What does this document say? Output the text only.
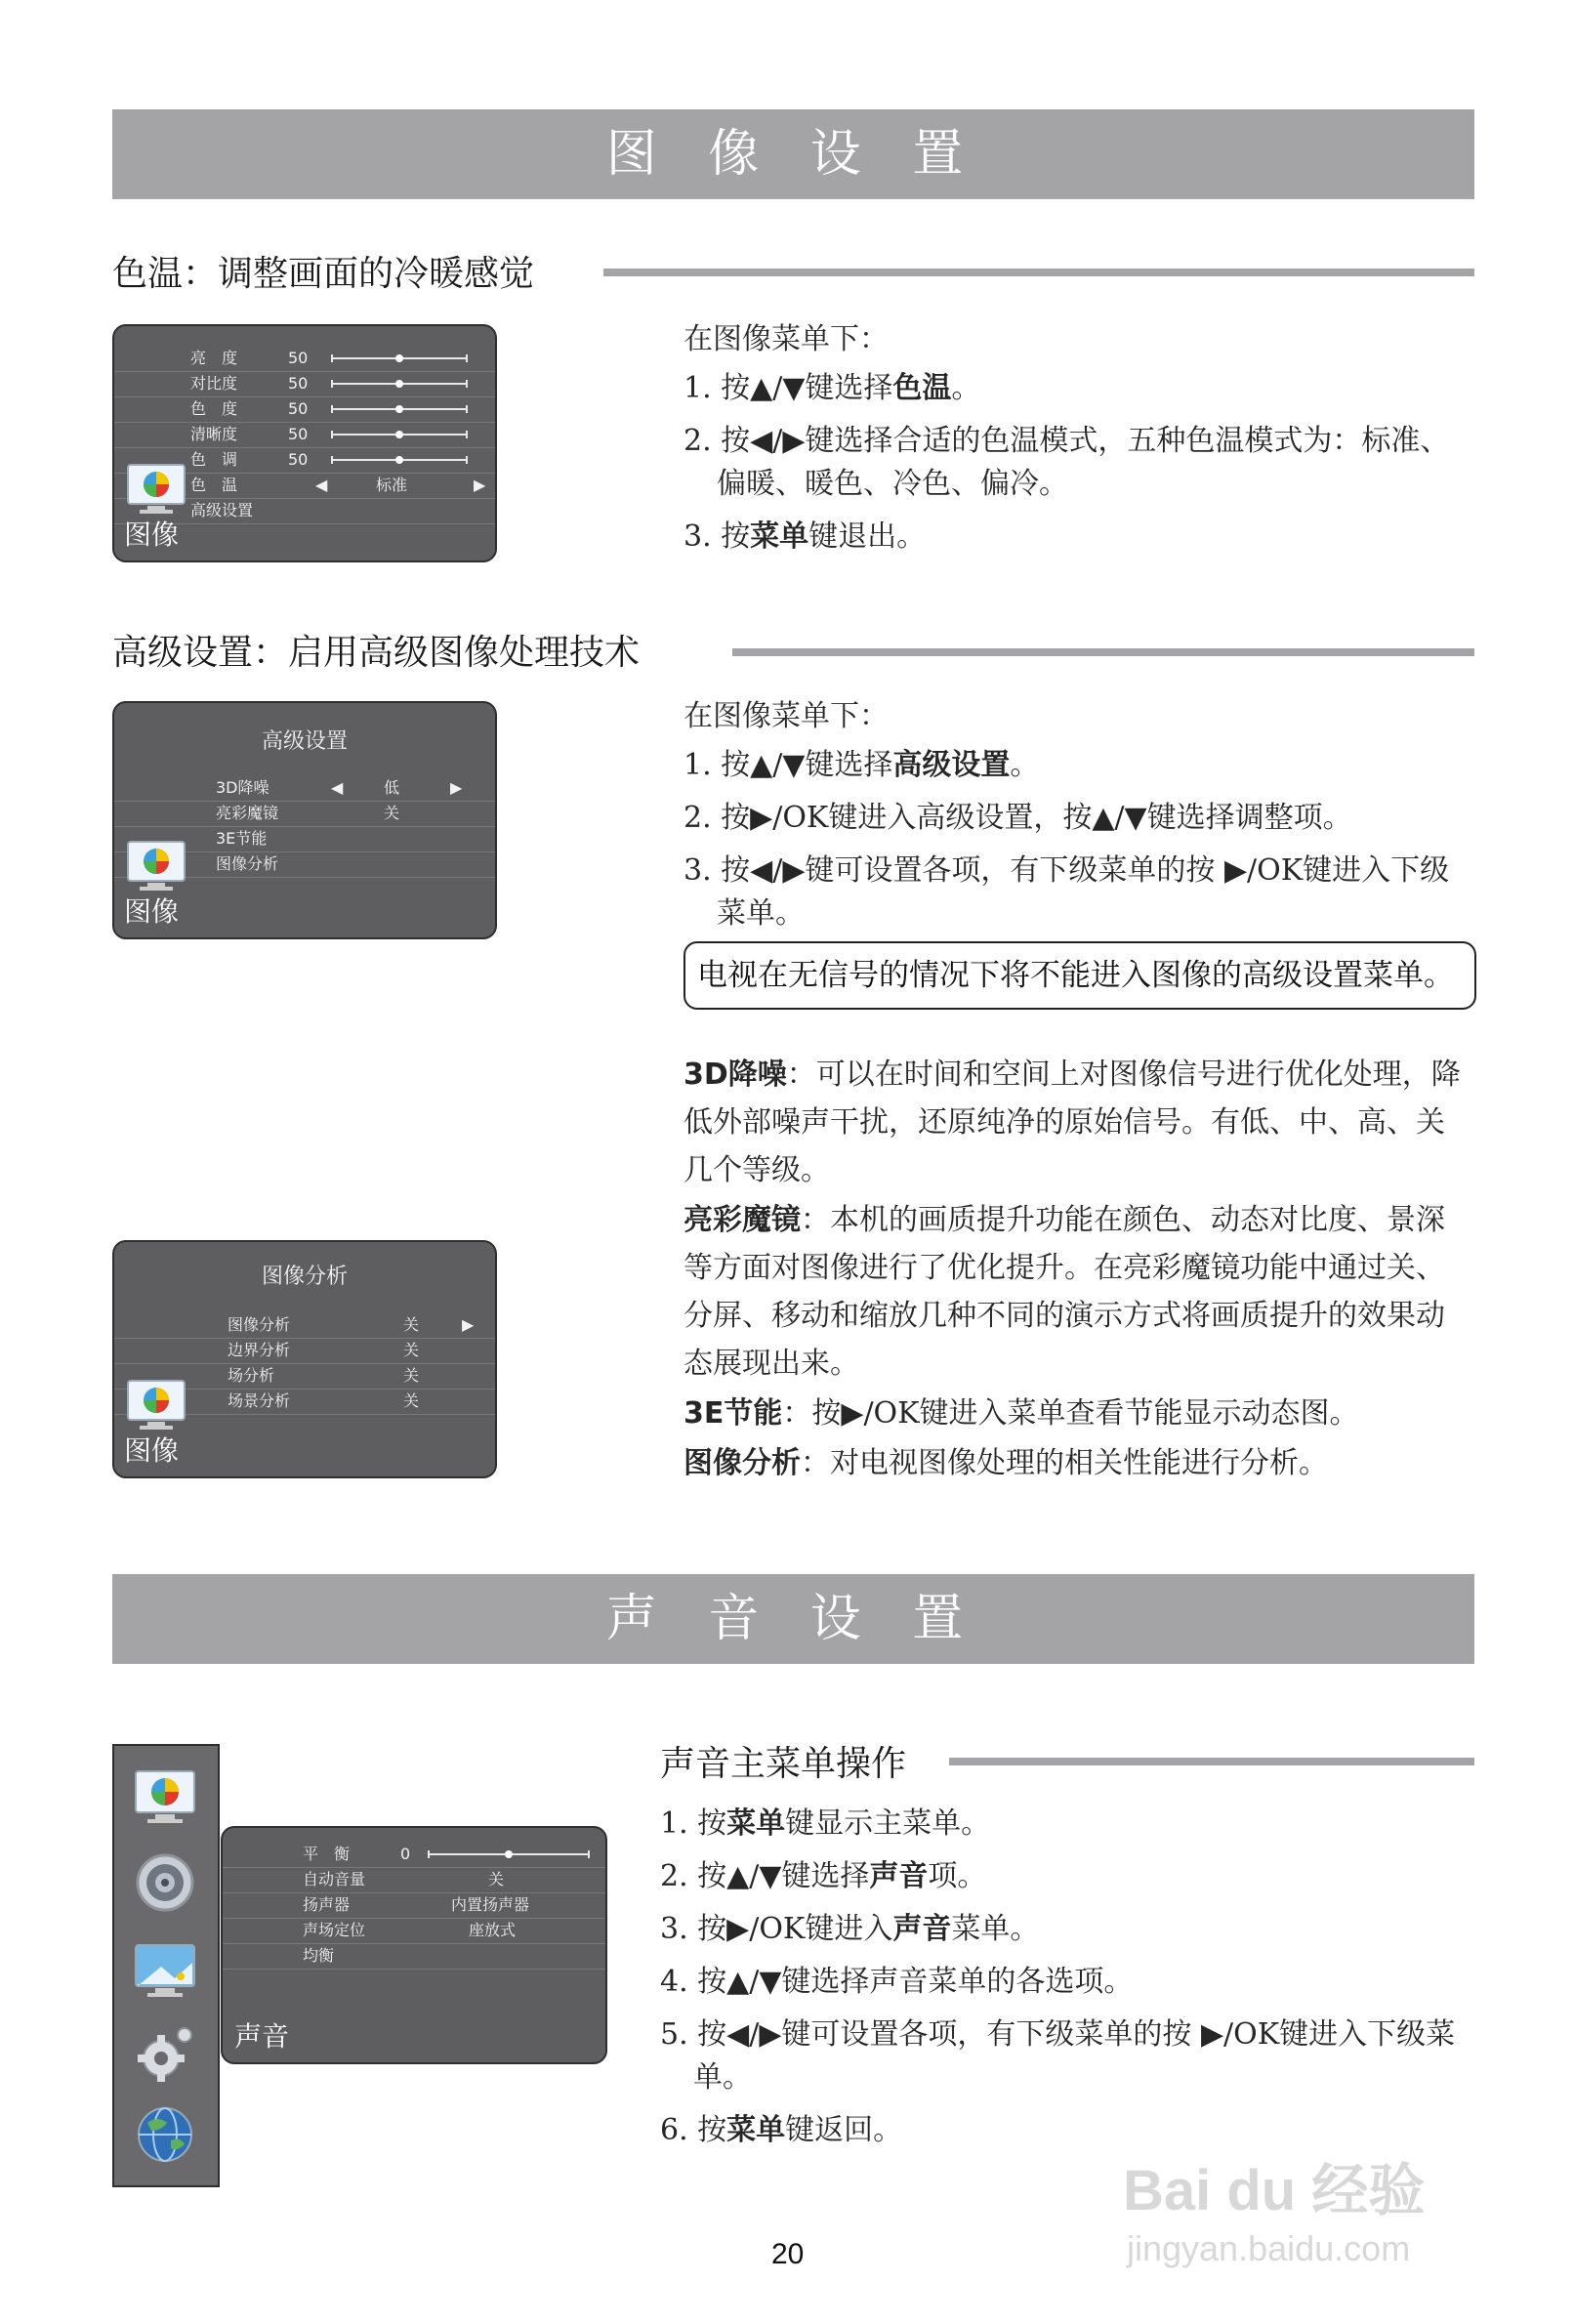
图 像 设 置
色温：调整画面的冷暖感觉
亮　度	50
对比度	50
色　度	50
清晰度	50
色　调	50
色　温	◀	标准	▶
高级设置
图像
在图像菜单下：
1. 按▲/▼键选择色温。
2. 按◀/▶键选择合适的色温模式，五种色温模式为：标准、偏暖、暖色、冷色、偏冷。
3. 按菜单键退出。
高级设置：启用高级图像处理技术
高级设置
3D降噪	◀	低	▶
亮彩魔镜	关
3E节能
图像分析
图像
在图像菜单下：
1. 按▲/▼键选择高级设置。
2. 按▶/OK键进入高级设置，按▲/▼键选择调整项。
3. 按◀/▶键可设置各项，有下级菜单的按 ▶/OK键进入下级菜单。
电视在无信号的情况下将不能进入图像的高级设置菜单。
3D降噪：可以在时间和空间上对图像信号进行优化处理，降低外部噪声干扰，还原纯净的原始信号。有低、中、高、关几个等级。
亮彩魔镜：本机的画质提升功能在颜色、动态对比度、景深等方面对图像进行了优化提升。在亮彩魔镜功能中通过关、分屏、移动和缩放几种不同的演示方式将画质提升的效果动态展现出来。
3E节能：按▶/OK键进入菜单查看节能显示动态图。
图像分析：对电视图像处理的相关性能进行分析。
图像分析
图像分析	关	▶
边界分析	关
场分析	关
场景分析	关
图像
声 音 设 置
平　衡	0
自动音量	关
扬声器	内置扬声器
声场定位	座放式
均衡
声音
声音主菜单操作
1. 按菜单键显示主菜单。
2. 按▲/▼键选择声音项。
3. 按▶/OK键进入声音菜单。
4. 按▲/▼键选择声音菜单的各选项。
5. 按◀/▶键可设置各项，有下级菜单的按 ▶/OK键进入下级菜单。
6. 按菜单键返回。
20
Bai du 经验
jingyan.baidu.com
